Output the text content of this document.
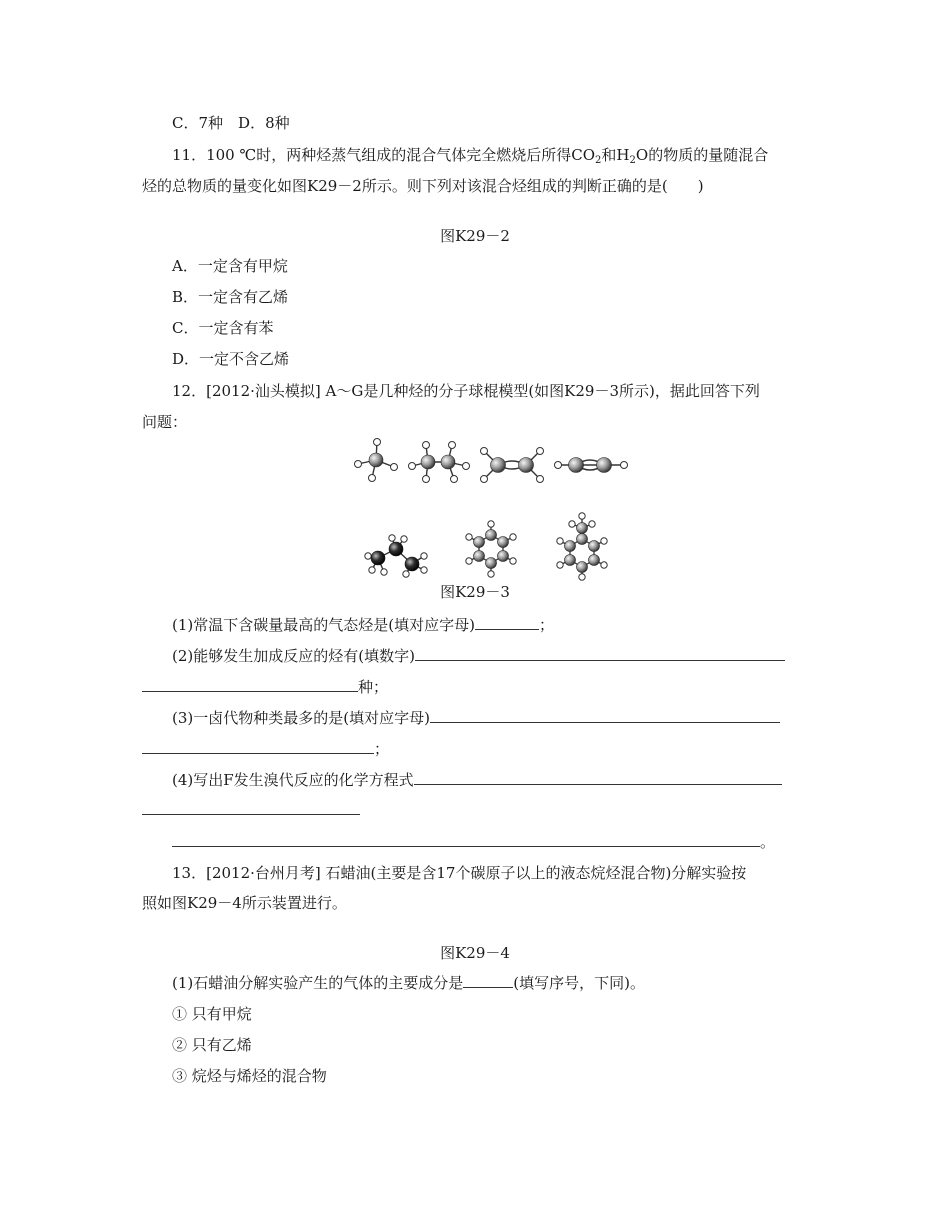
C．7种　 D．8种
11．100 ℃时，两种烃蒸气组成的混合气体完全燃烧后所得$CO_2$和$H_2O$的物质的量随混合
烃的总物质的量变化如图K29－2所示。则下列对该混合烃组成的判断正确的是(　　)
图K29－2
A．一定含有甲烷
B．一定含有乙烯
C．一定含有苯
D．一定不含乙烯
12．[2012·汕头模拟] A～G是几种烃的分子球棍模型(如图K29－3所示)，据此回答下列
问题：
图K29－3
(1)常温下含碳量最高的气态烃是(填对应字母)	；
(2)能够发生加成反应的烃有(填数字)
种；
(3)一卤代物种类最多的是(填对应字母)
；
(4)写出F发生溴代反应的化学方程式
。
13．[2012·台州月考] 石蜡油(主要是含17个碳原子以上的液态烷烃混合物)分解实验按
照如图K29－4所示装置进行。
图K29－4
(1)石蜡油分解实验产生的气体的主要成分是	(填写序号，下同)。
① 只有甲烷
② 只有乙烯
③ 烷烃与烯烃的混合物
